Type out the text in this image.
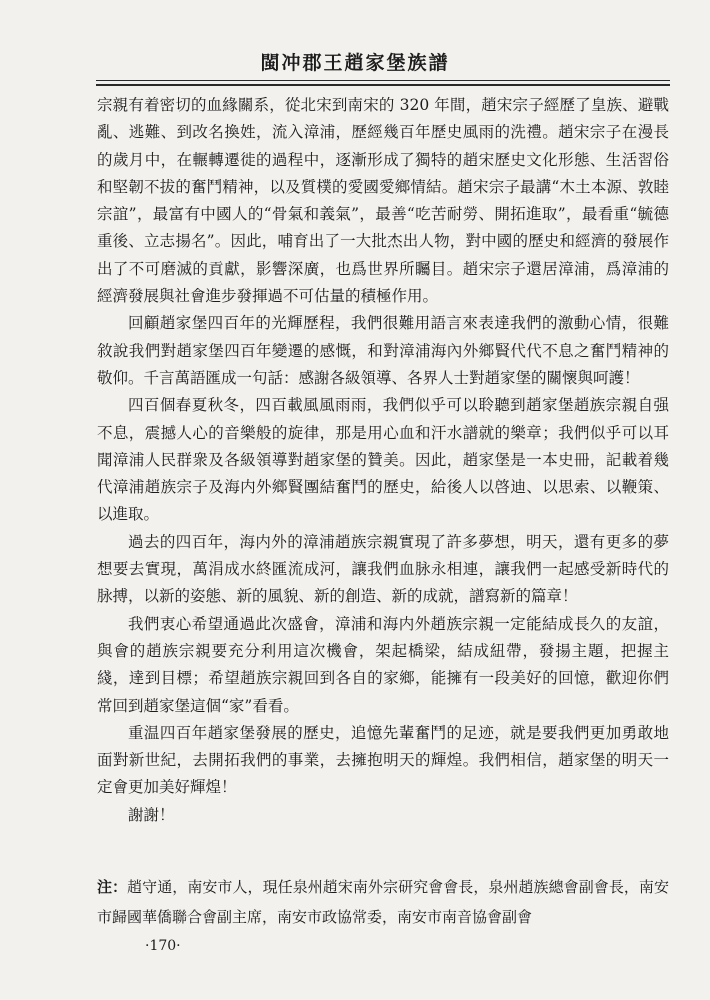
閩冲郡王趙家堡族譜

宗親有着密切的血緣關系，從北宋到南宋的 320 年間，趙宋宗子經歷了皇族、避戰亂、逃難、到改名換姓，流入漳浦，歷經幾百年歷史風雨的洗禮。趙宋宗子在漫長的歲月中，在輾轉遷徙的過程中，逐漸形成了獨特的趙宋歷史文化形態、生活習俗和堅韌不拔的奮鬥精神，以及質樸的愛國愛鄉情結。趙宋宗子最講“木土本源、敦睦宗誼”，最富有中國人的“骨氣和義氣”，最善“吃苦耐勞、開拓進取”，最看重“毓德重後、立志揚名”。因此，哺育出了一大批杰出人物，對中國的歷史和經濟的發展作出了不可磨滅的貢獻，影響深廣，也爲世界所矚目。趙宋宗子還居漳浦，爲漳浦的經濟發展與社會進步發揮過不可估量的積極作用。

回顧趙家堡四百年的光輝歷程，我們很難用語言來表達我們的激動心情，很難敘說我們對趙家堡四百年變遷的感慨，和對漳浦海內外鄉賢代代不息之奮鬥精神的敬仰。千言萬語匯成一句話：感謝各級領導、各界人士對趙家堡的關懷與呵護！

四百個春夏秋冬，四百載風風雨雨，我們似乎可以聆聽到趙家堡趙族宗親自强不息，震撼人心的音樂般的旋律，那是用心血和汗水譜就的樂章；我們似乎可以耳聞漳浦人民群衆及各級領導對趙家堡的贊美。因此，趙家堡是一本史冊，記載着幾代漳浦趙族宗子及海内外鄉賢團結奮鬥的歷史，給後人以啓迪、以思索、以鞭策、以進取。

過去的四百年，海内外的漳浦趙族宗親實現了許多夢想，明天，還有更多的夢想要去實現，萬涓成水終匯流成河，讓我們血脉永相連，讓我們一起感受新時代的脉搏，以新的姿態、新的風貌、新的創造、新的成就，譜寫新的篇章！

我們衷心希望通過此次盛會，漳浦和海内外趙族宗親一定能結成長久的友誼，與會的趙族宗親要充分利用這次機會，架起橋梁，結成紐帶，發揚主題，把握主綫，達到目標；希望趙族宗親回到各自的家鄉，能擁有一段美好的回憶，歡迎你們常回到趙家堡這個“家”看看。

重温四百年趙家堡發展的歷史，追憶先輩奮鬥的足迹，就是要我們更加勇敢地面對新世紀，去開拓我們的事業，去擁抱明天的輝煌。我們相信，趙家堡的明天一定會更加美好輝煌！

謝謝！

注：趙守通，南安市人，現任泉州趙宋南外宗研究會會長，泉州趙族總會副會長，南安市歸國華僑聯合會副主席，南安市政協常委，南安市南音協會副會

·170·
